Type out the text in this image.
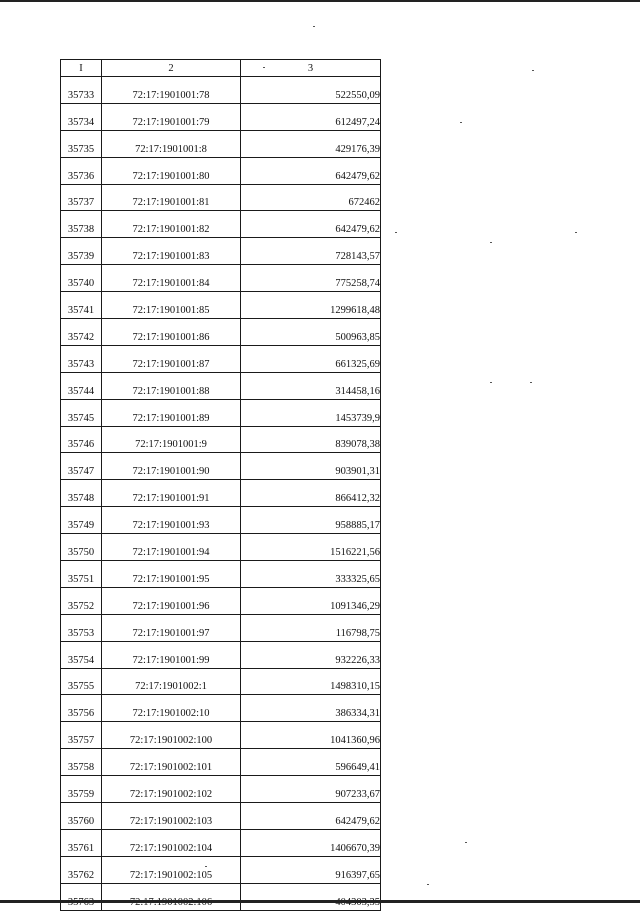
I	2	3
35733	72:17:1901001:78	522550,09
35734	72:17:1901001:79	612497,24
35735	72:17:1901001:8	429176,39
35736	72:17:1901001:80	642479,62
35737	72:17:1901001:81	672462
35738	72:17:1901001:82	642479,62
35739	72:17:1901001:83	728143,57
35740	72:17:1901001:84	775258,74
35741	72:17:1901001:85	1299618,48
35742	72:17:1901001:86	500963,85
35743	72:17:1901001:87	661325,69
35744	72:17:1901001:88	314458,16
35745	72:17:1901001:89	1453739,9
35746	72:17:1901001:9	839078,38
35747	72:17:1901001:90	903901,31
35748	72:17:1901001:91	866412,32
35749	72:17:1901001:93	958885,17
35750	72:17:1901001:94	1516221,56
35751	72:17:1901001:95	333325,65
35752	72:17:1901001:96	1091346,29
35753	72:17:1901001:97	116798,75
35754	72:17:1901001:99	932226,33
35755	72:17:1901002:1	1498310,15
35756	72:17:1901002:10	386334,31
35757	72:17:1901002:100	1041360,96
35758	72:17:1901002:101	596649,41
35759	72:17:1901002:102	907233,67
35760	72:17:1901002:103	642479,62
35761	72:17:1901002:104	1406670,39
35762	72:17:1901002:105	916397,65
